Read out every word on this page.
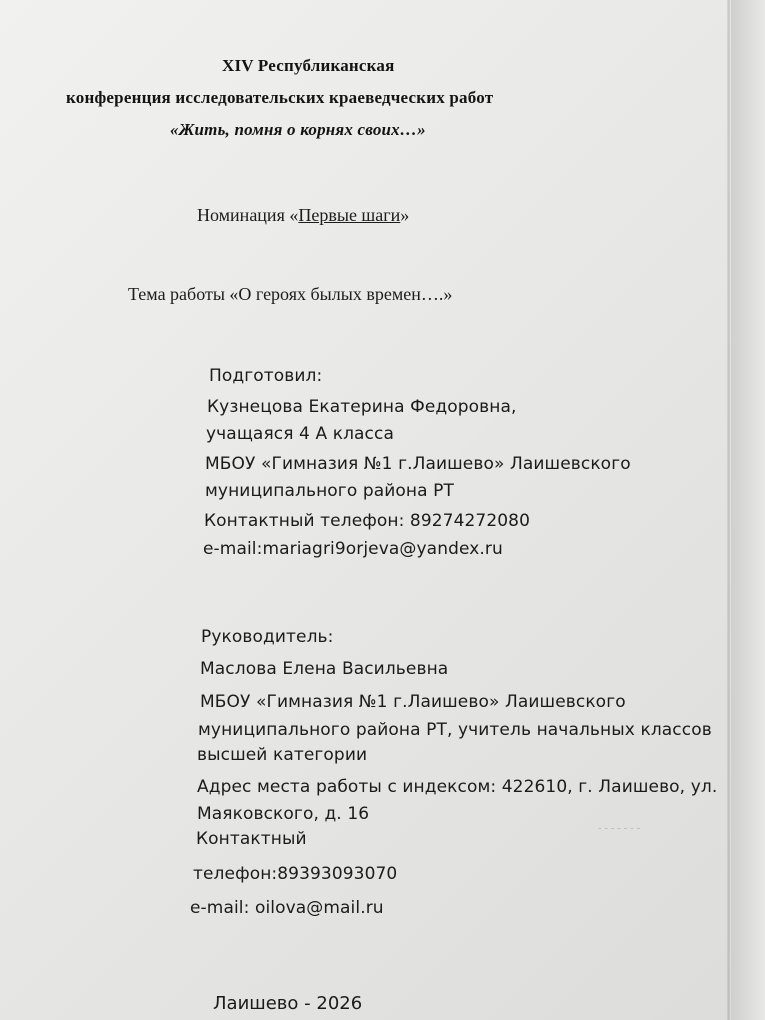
XIV Республиканская
конференция исследовательских краеведческих работ
«Жить, помня о корнях своих…»
Номинация «Первые шаги»
Тема работы «О героях былых времен….»
Подготовил:
Кузнецова Екатерина Федоровна,
учащаяся 4 А класса
МБОУ «Гимназия №1 г.Лаишево» Лаишевского
муниципального района РТ
Контактный телефон: 89274272080
e-mail:mariagri9orjeva@yandex.ru
Руководитель:
Маслова Елена Васильевна
МБОУ «Гимназия №1 г.Лаишево» Лаишевского
муниципального района РТ, учитель начальных классов
высшей категории
Адрес места работы с индексом: 422610, г. Лаишево, ул.
Маяковского, д. 16
Контактный
телефон:89393093070
e-mail: oilova@mail.ru
- - - - - - -
Лаишево - 2026
